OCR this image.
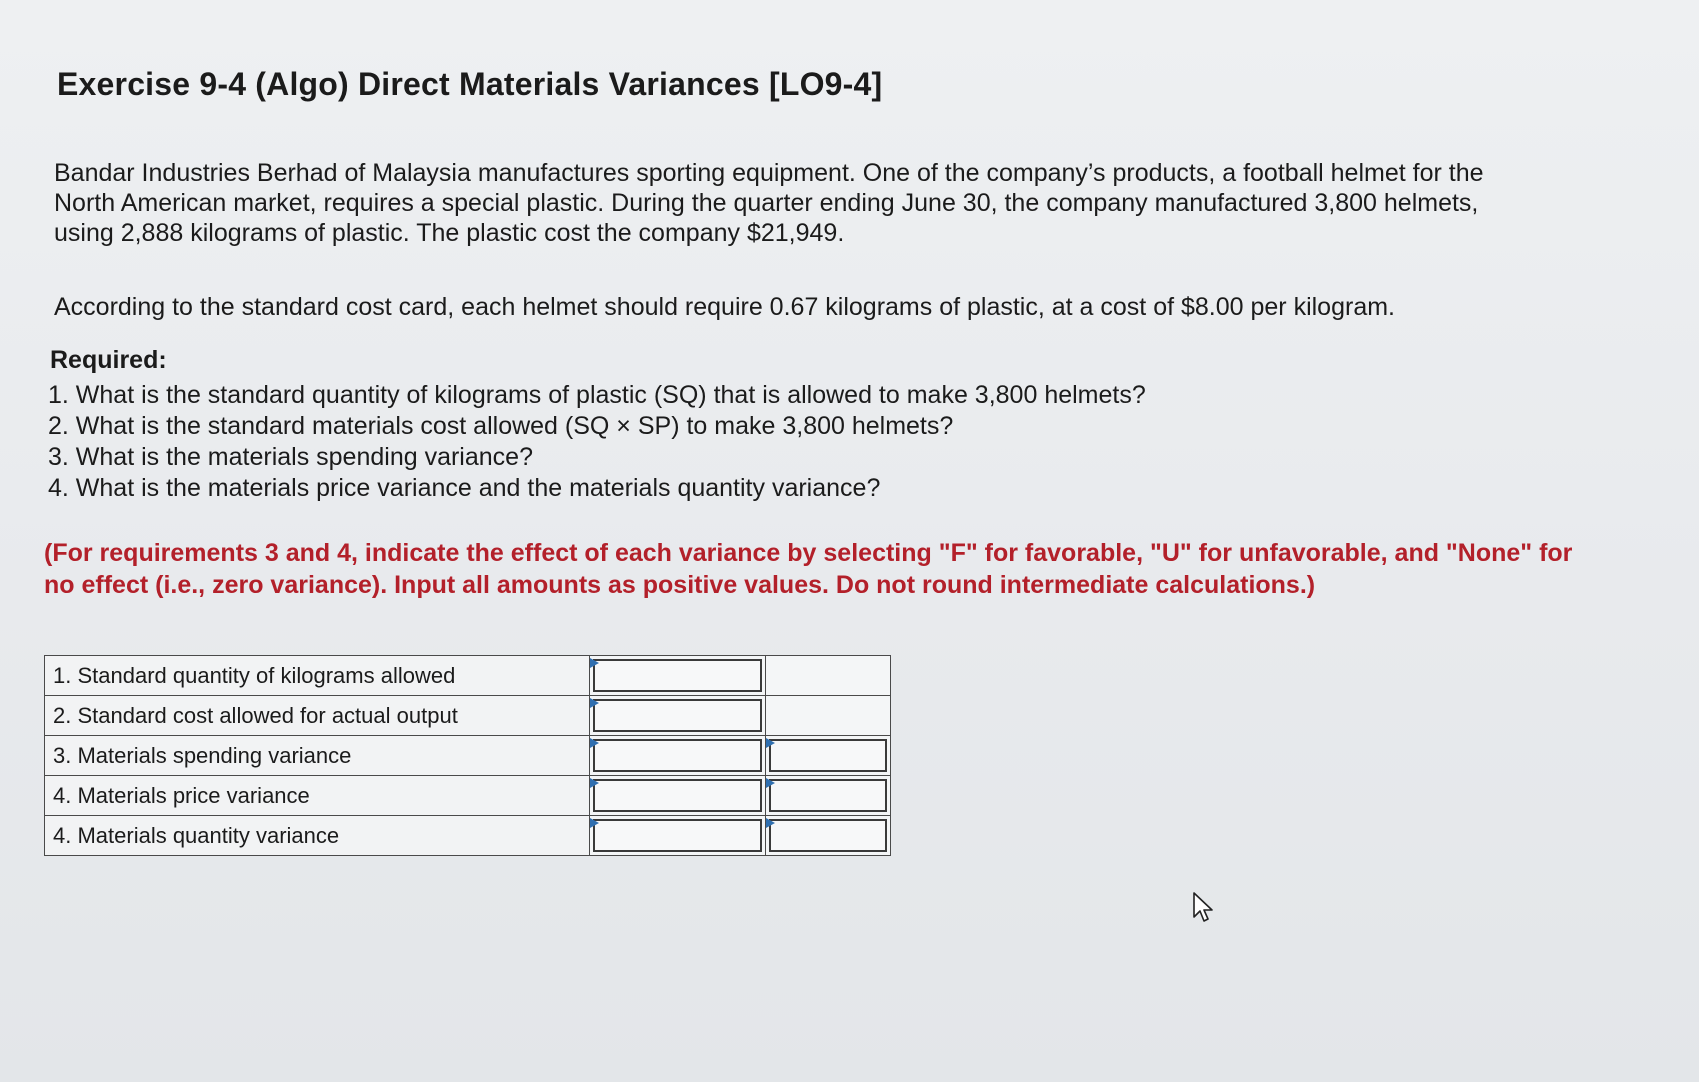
Exercise 9-4 (Algo) Direct Materials Variances [LO9-4]

Bandar Industries Berhad of Malaysia manufactures sporting equipment. One of the company’s products, a football helmet for the
North American market, requires a special plastic. During the quarter ending June 30, the company manufactured 3,800 helmets,
using 2,888 kilograms of plastic. The plastic cost the company $21,949.

According to the standard cost card, each helmet should require 0.67 kilograms of plastic, at a cost of $8.00 per kilogram.

Required:

1. What is the standard quantity of kilograms of plastic (SQ) that is allowed to make 3,800 helmets?
2. What is the standard materials cost allowed (SQ × SP) to make 3,800 helmets?
3. What is the materials spending variance?
4. What is the materials price variance and the materials quantity variance?

(For requirements 3 and 4, indicate the effect of each variance by selecting "F" for favorable, "U" for unfavorable, and "None" for
no effect (i.e., zero variance). Input all amounts as positive values. Do not round intermediate calculations.)

1. Standard quantity of kilograms allowed	

2. Standard cost allowed for actual output	

3. Materials spending variance	

4. Materials price variance	

4. Materials quantity variance	
